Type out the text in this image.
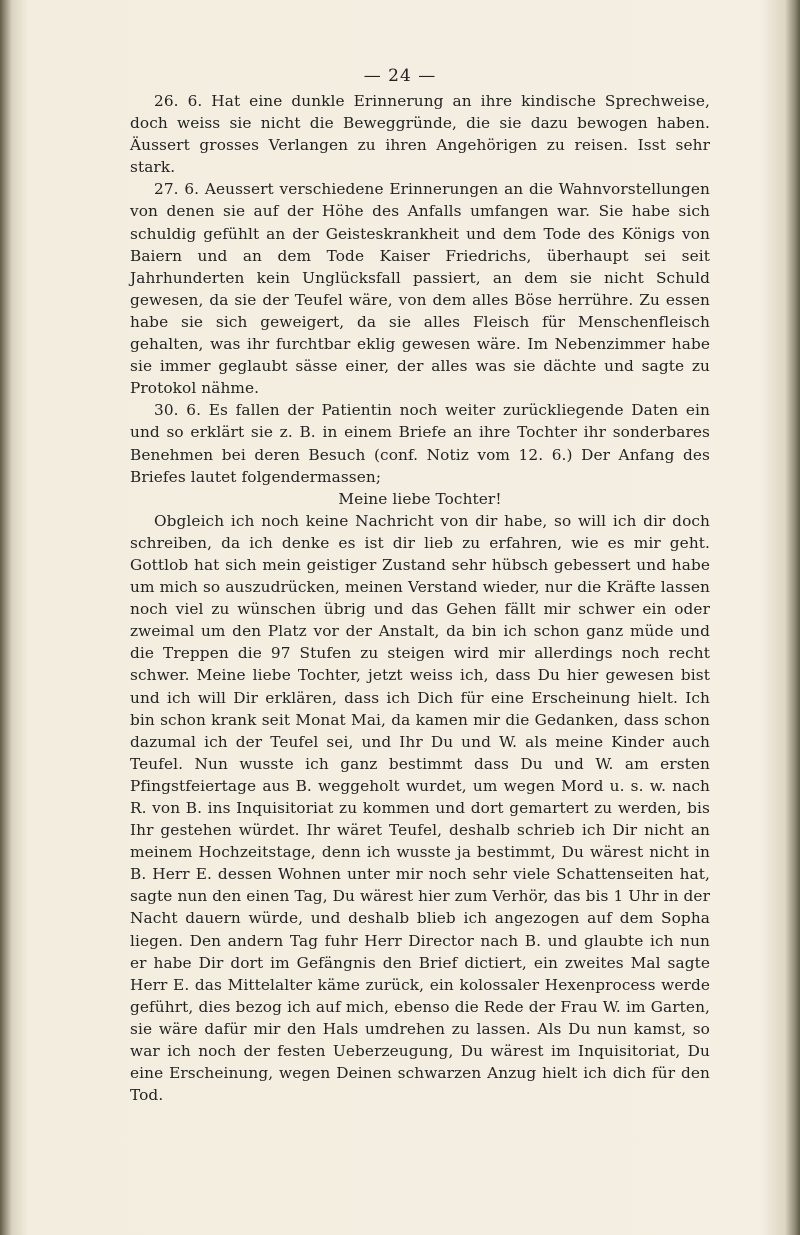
— 24 —

26. 6. Hat eine dunkle Erinnerung an ihre kindische Sprechweise, doch weiss sie nicht die Beweggründe, die sie dazu bewogen haben. Äussert grosses Verlangen zu ihren Angehörigen zu reisen. Isst sehr stark.

27. 6. Aeussert verschiedene Erinnerungen an die Wahnvorstellungen von denen sie auf der Höhe des Anfalls umfangen war. Sie habe sich schuldig gefühlt an der Geisteskrankheit und dem Tode des Königs von Baiern und an dem Tode Kaiser Friedrichs, überhaupt sei seit Jahrhunderten kein Unglücksfall passiert, an dem sie nicht Schuld gewesen, da sie der Teufel wäre, von dem alles Böse herrühre. Zu essen habe sie sich geweigert, da sie alles Fleisch für Menschenfleisch gehalten, was ihr furchtbar eklig gewesen wäre. Im Nebenzimmer habe sie immer geglaubt sässe einer, der alles was sie dächte und sagte zu Protokol nähme.

30. 6. Es fallen der Patientin noch weiter zurückliegende Daten ein und so erklärt sie z. B. in einem Briefe an ihre Tochter ihr sonderbares Benehmen bei deren Besuch (conf. Notiz vom 12. 6.) Der Anfang des Briefes lautet folgendermassen;

Meine liebe Tochter!

Obgleich ich noch keine Nachricht von dir habe, so will ich dir doch schreiben, da ich denke es ist dir lieb zu erfahren, wie es mir geht. Gottlob hat sich mein geistiger Zustand sehr hübsch gebessert und habe um mich so auszudrücken, meinen Verstand wieder, nur die Kräfte lassen noch viel zu wünschen übrig und das Gehen fällt mir schwer ein oder zweimal um den Platz vor der Anstalt, da bin ich schon ganz müde und die Treppen die 97 Stufen zu steigen wird mir allerdings noch recht schwer. Meine liebe Tochter, jetzt weiss ich, dass Du hier gewesen bist und ich will Dir erklären, dass ich Dich für eine Erscheinung hielt. Ich bin schon krank seit Monat Mai, da kamen mir die Gedanken, dass schon dazumal ich der Teufel sei, und Ihr Du und W. als meine Kinder auch Teufel. Nun wusste ich ganz bestimmt dass Du und W. am ersten Pfingstfeiertage aus B. weggeholt wurdet, um wegen Mord u. s. w. nach R. von B. ins Inquisitoriat zu kommen und dort gemartert zu werden, bis Ihr gestehen würdet. Ihr wäret Teufel, deshalb schrieb ich Dir nicht an meinem Hochzeitstage, denn ich wusste ja bestimmt, Du wärest nicht in B. Herr E. dessen Wohnen unter mir noch sehr viele Schattenseiten hat, sagte nun den einen Tag, Du wärest hier zum Verhör, das bis 1 Uhr in der Nacht dauern würde, und deshalb blieb ich angezogen auf dem Sopha liegen. Den andern Tag fuhr Herr Director nach B. und glaubte ich nun er habe Dir dort im Gefängnis den Brief dictiert, ein zweites Mal sagte Herr E. das Mittelalter käme zurück, ein kolossaler Hexenprocess werde geführt, dies bezog ich auf mich, ebenso die Rede der Frau W. im Garten, sie wäre dafür mir den Hals umdrehen zu lassen. Als Du nun kamst, so war ich noch der festen Ueberzeugung, Du wärest im Inquisitoriat, Du eine Erscheinung, wegen Deinen schwarzen Anzug hielt ich dich für den Tod.
